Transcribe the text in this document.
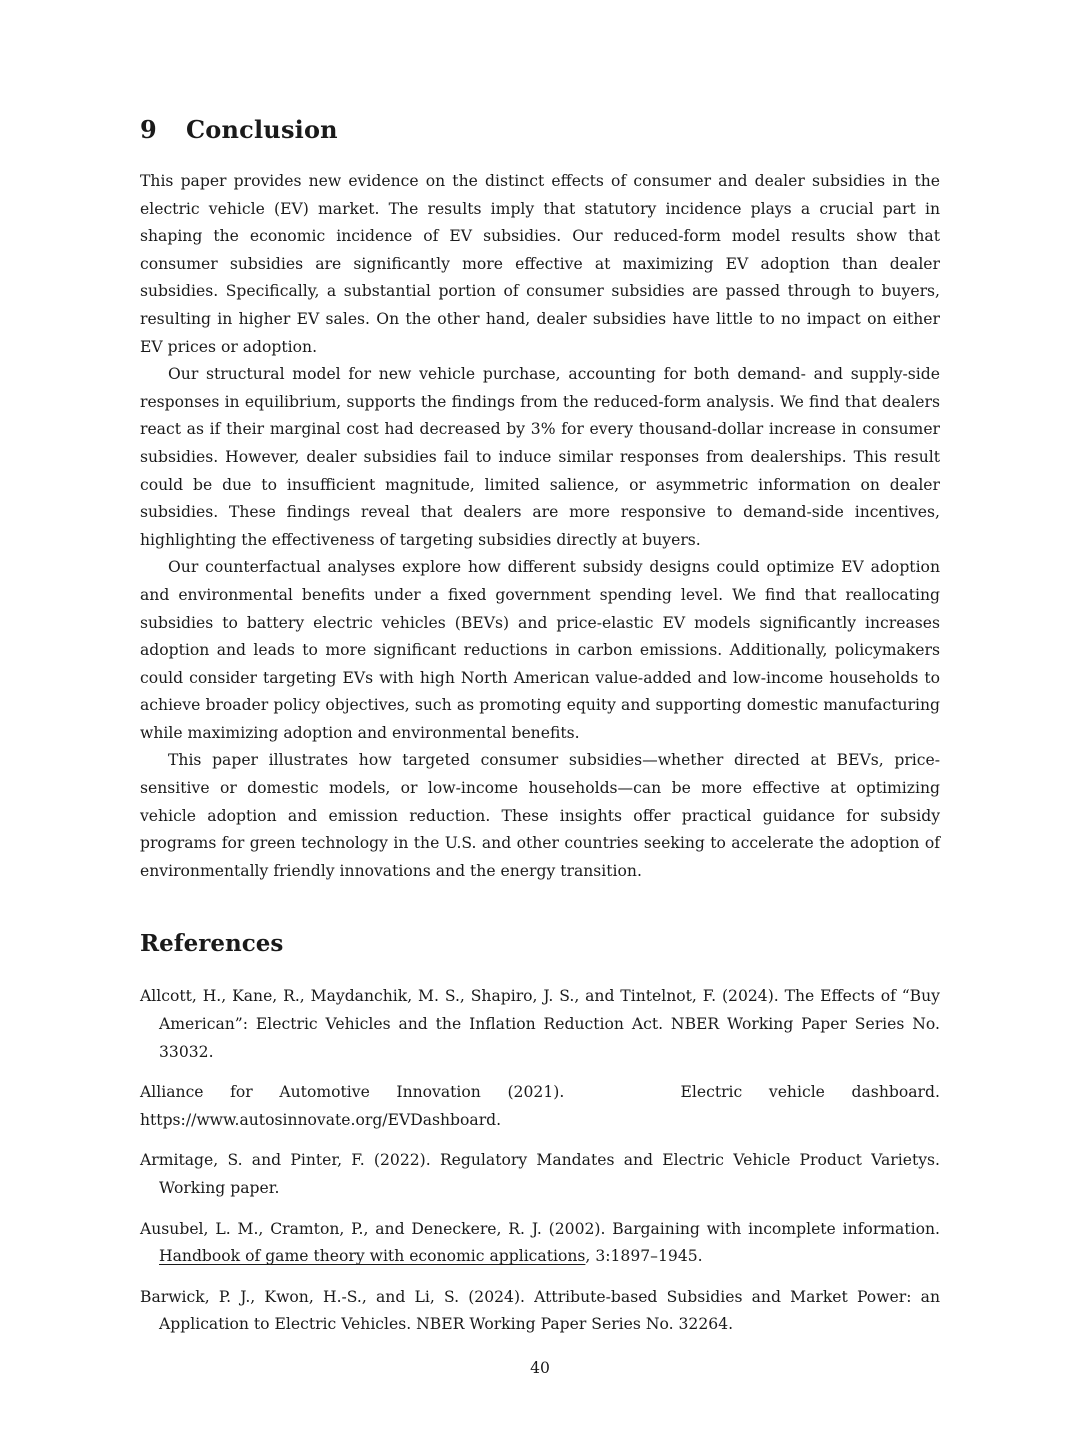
9 Conclusion

This paper provides new evidence on the distinct effects of consumer and dealer subsidies in the electric vehicle (EV) market. The results imply that statutory incidence plays a crucial part in shaping the economic incidence of EV subsidies. Our reduced-form model results show that consumer subsidies are significantly more effective at maximizing EV adoption than dealer subsidies. Specifically, a substantial portion of consumer subsidies are passed through to buyers, resulting in higher EV sales. On the other hand, dealer subsidies have little to no impact on either EV prices or adoption.

Our structural model for new vehicle purchase, accounting for both demand- and supply-side responses in equilibrium, supports the findings from the reduced-form analysis. We find that dealers react as if their marginal cost had decreased by 3% for every thousand-dollar increase in consumer subsidies. However, dealer subsidies fail to induce similar responses from dealerships. This result could be due to insufficient magnitude, limited salience, or asymmetric information on dealer subsidies. These findings reveal that dealers are more responsive to demand-side incentives, highlighting the effectiveness of targeting subsidies directly at buyers.

Our counterfactual analyses explore how different subsidy designs could optimize EV adoption and environmental benefits under a fixed government spending level. We find that reallocating subsidies to battery electric vehicles (BEVs) and price-elastic EV models significantly increases adoption and leads to more significant reductions in carbon emissions. Additionally, policymakers could consider targeting EVs with high North American value-added and low-income households to achieve broader policy objectives, such as promoting equity and supporting domestic manufacturing while maximizing adoption and environmental benefits.

This paper illustrates how targeted consumer subsidies—whether directed at BEVs, price-sensitive or domestic models, or low-income households—can be more effective at optimizing vehicle adoption and emission reduction. These insights offer practical guidance for subsidy programs for green technology in the U.S. and other countries seeking to accelerate the adoption of environmentally friendly innovations and the energy transition.

References

Allcott, H., Kane, R., Maydanchik, M. S., Shapiro, J. S., and Tintelnot, F. (2024). The Effects of “Buy American”: Electric Vehicles and the Inflation Reduction Act. NBER Working Paper Series No. 33032.

Alliance for Automotive Innovation (2021).	Electric vehicle dashboard.
https://www.autosinnovate.org/EVDashboard.

Armitage, S. and Pinter, F. (2022). Regulatory Mandates and Electric Vehicle Product Varietys. Working paper.

Ausubel, L. M., Cramton, P., and Deneckere, R. J. (2002). Bargaining with incomplete information. Handbook of game theory with economic applications, 3:1897–1945.

Barwick, P. J., Kwon, H.-S., and Li, S. (2024). Attribute-based Subsidies and Market Power: an Application to Electric Vehicles. NBER Working Paper Series No. 32264.

40
